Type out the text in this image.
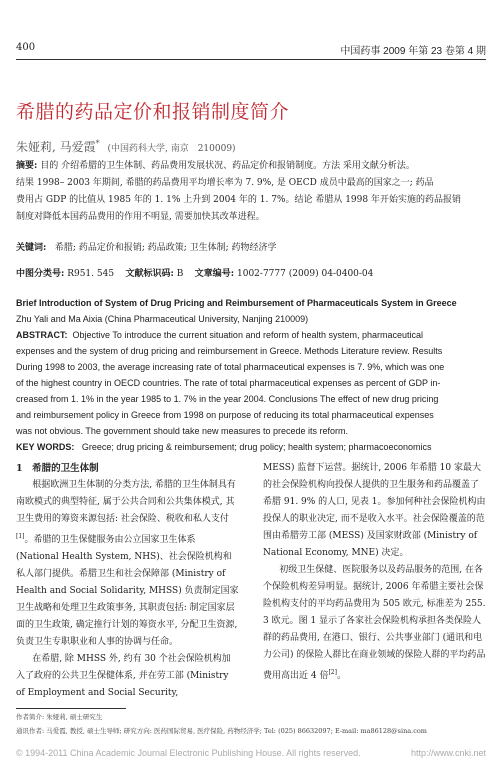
400	中国药事 2009 年第 23 卷第 4 期
希腊的药品定价和报销制度简介
朱娅莉, 马爱霞* (中国药科大学, 南京　210009)
摘要: 目的 介绍希腊的卫生体制、药品费用发展状况、药品定价和报销制度。方法 采用文献分析法。
结果 1998– 2003 年期间, 希腊的药品费用平均增长率为 7. 9%, 是 OECD 成员中最高的国家之一; 药品
费用占 GDP 的比值从 1985 年的 1. 1% 上升到 2004 年的 1. 7%。结论 希腊从 1998 年开始实施的药品报销
制度对降低本国药品费用的作用不明显, 需要加快其改革进程。
关键词: 希腊; 药品定价和报销; 药品政策; 卫生体制; 药物经济学
中图分类号: R951. 545 文献标识码: B 文章编号: 1002-7777 (2009) 04-0400-04
Brief Introduction of System of Drug Pricing and Reimbursement of Pharmaceuticals System in Greece
Zhu Yali and Ma Aixia (China Pharmaceutical University, Nanjing 210009)
ABSTRACT: Objective To introduce the current situation and reform of health system, pharmaceutical
expenses and the system of drug pricing and reimbursement in Greece. Methods Literature review. Results
During 1998 to 2003, the average increasing rate of total pharmaceutical expenses is 7. 9%, which was one
of the highest country in OECD countries. The rate of total pharmaceutical expenses as percent of GDP in-
creased from 1. 1% in the year 1985 to 1. 7% in the year 2004. Conclusions The effect of new drug pricing
and reimbursement policy in Greece from 1998 on purpose of reducing its total pharmaceutical expenses
was not obvious. The government should take new measures to precede its reform.
KEY WORDS: Greece; drug pricing & reimbursement; drug policy; health system; pharmacoeconomics

1　希腊的卫生体制

根据欧洲卫生体制的分类方法, 希腊的卫生体制具有南欧模式的典型特征, 属于公共合同和公共集体模式, 其卫生费用的筹资来源包括: 社会保险、税收和私人支付[1]。希腊的卫生保健服务由公立国家卫生体系 (National Health System, NHS)、社会保险机构和私人部门提供。希腊卫生和社会保障部 (Ministry of Health and Social Solidarity, MHSS) 负责制定国家卫生战略和处理卫生政策事务, 其职责包括: 制定国家层面的卫生政策, 确定推行计划的筹资水平, 分配卫生资源, 负责卫生专职职业和人事的协调与任命。

在希腊, 除 MHSS 外, 约有 30 个社会保险机构加入了政府的公共卫生保健体系, 并在劳工部 (Ministry of Employment and Social Security,

MESS) 监督下运营。据统计, 2006 年希腊 10 家最大的社会保险机构向投保人提供的卫生服务和药品覆盖了希腊 91. 9% 的人口, 见表 1。参加何种社会保险机构由投保人的职业决定, 而不是收入水平。社会保险覆盖的范围由希腊劳工部 (MESS) 及国家财政部 (Ministry of National Economy, MNE) 决定。

初级卫生保健、医院服务以及药品服务的范围, 在各个保险机构差异明显。据统计, 2006 年希腊主要社会保险机构支付的平均药品费用为 505 欧元, 标准差为 255. 3 欧元。图 1 显示了各家社会保险机构承担各类保险人群的药品费用, 在港口、银行、公共事业部门 (通讯和电力公司) 的保险人群比在商业领域的保险人群的平均药品费用高出近 4 倍[2]。

作者简介: 朱娅莉, 硕士研究生
通讯作者: 马爱霞, 教授, 硕士生导师; 研究方向: 医药国际贸易, 医疗保险, 药物经济学; Tel: (025) 86632097; E-mail: ma86128@sina.com
© 1994-2011 China Academic Journal Electronic Publishing House. All rights reserved.	http://www.cnki.net
